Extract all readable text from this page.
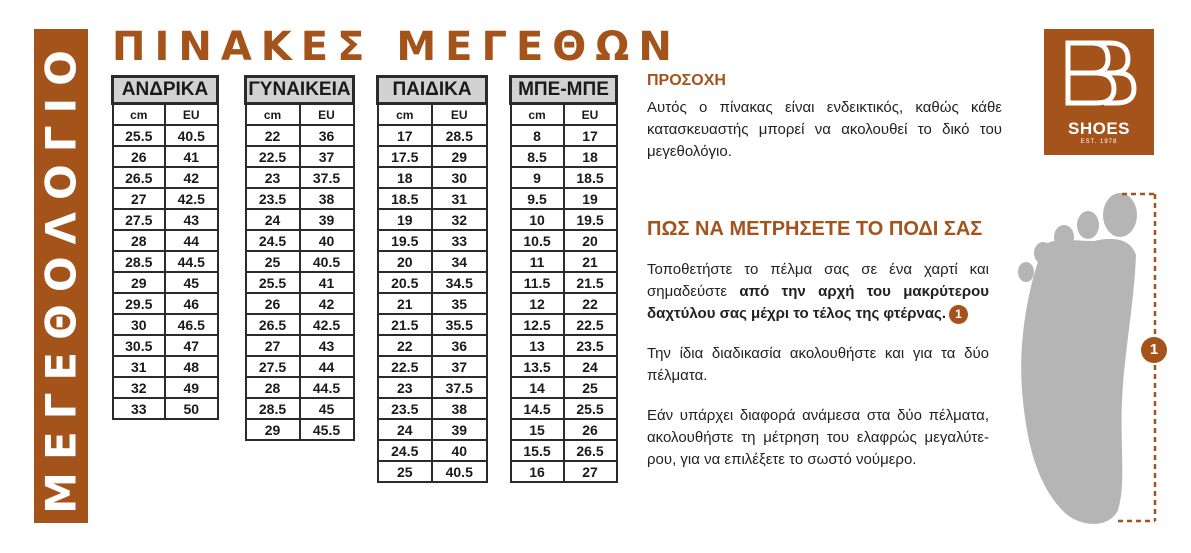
ΜΕΓΕΘΟΛΟΓΙΟ ΠΙΝΑΚΕΣ ΜΕΓΕΘΩΝ
ΑΝΔΡΙΚΑ	
cm	EU
25.5	40.5
26	41
26.5	42
27	42.5
27.5	43
28	44
28.5	44.5
29	45
29.5	46
30	46.5
30.5	47
31	48
32	49
33	50
ΓΥΝΑΙΚΕΙΑ	
cm	EU
22	36
22.5	37
23	37.5
23.5	38
24	39
24.5	40
25	40.5
25.5	41
26	42
26.5	42.5
27	43
27.5	44
28	44.5
28.5	45
29	45.5
ΠΑΙΔΙΚΑ	
cm	EU
17	28.5
17.5	29
18	30
18.5	31
19	32
19.5	33
20	34
20.5	34.5
21	35
21.5	35.5
22	36
22.5	37
23	37.5
23.5	38
24	39
24.5	40
25	40.5
ΜΠΕ-ΜΠΕ	
cm	EU
8	17
8.5	18
9	18.5
9.5	19
10	19.5
10.5	20
11	21
11.5	21.5
12	22
12.5	22.5
13	23.5
13.5	24
14	25
14.5	25.5
15	26
15.5	26.5
16	27
ΠΡΟΣΟΧΗ
Αυτός ο πίνακας είναι ενδεικτικός, καθώς κάθε κατασκευαστής μπορεί να ακολουθεί το δικό του μεγεθολόγιο.
ΠΩΣ ΝΑ ΜΕΤΡΗΣΕΤΕ ΤΟ ΠΟΔΙ ΣΑΣ
Τοποθετήστε το πέλμα σας σε ένα χαρτί και σημαδεύστε από την αρχή του μακρύτερου δαχτύλου σας μέχρι το τέλος της φτέρνας. 1
Την ίδια διαδικασία ακολουθήστε και για τα δύο πέλματα.
Εάν υπάρχει διαφορά ανάμεσα στα δύο πέλματα, ακολουθήστε τη μέτρηση του ελαφρώς μεγαλύτε-ρου, για να επιλέξετε το σωστό νούμερο.
SHOES
EST. 1978
1
